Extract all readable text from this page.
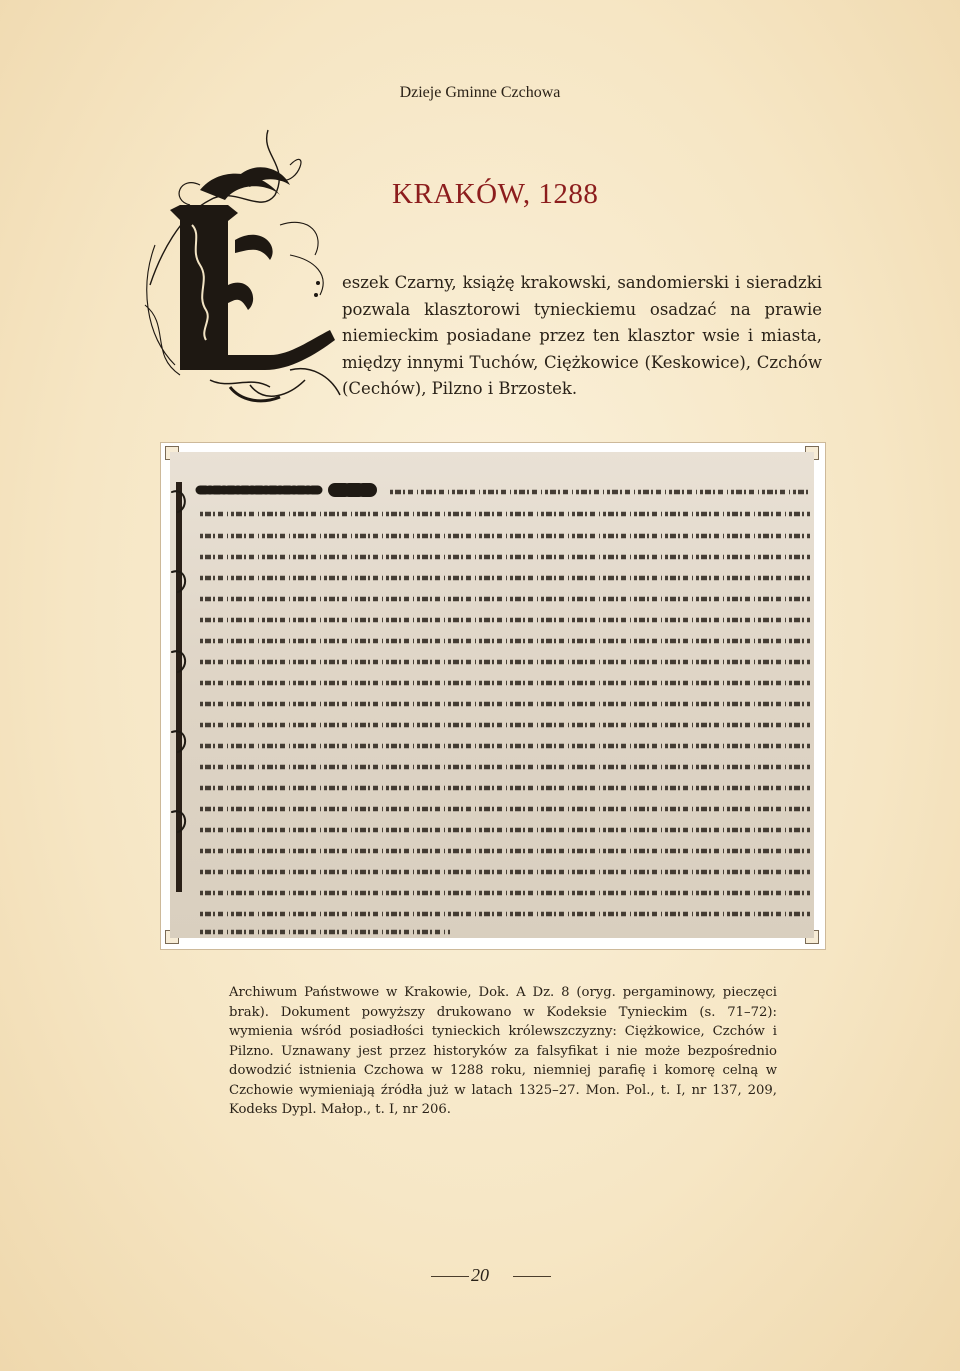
Dzieje Gminne Czchowa
KRAKÓW, 1288
eszek Czarny, książę krakowski, sandomierski i sieradzki pozwala klasztorowi tynieckiemu osadzać na prawie niemieckim posiadane przez ten klasztor wsie i miasta, między innymi Tuchów, Ciężkowice (Keskowice), Czchów (Cechów), Pilzno i Brzostek.
Archiwum Państwowe w Krakowie, Dok. A Dz. 8 (oryg. pergaminowy, pieczęci brak). Dokument powyższy drukowano w Kodeksie Tynieckim (s. 71–72): wymienia wśród posiadłości tynieckich królewszczyzny: Ciężkowice, Czchów i Pilzno. Uznawany jest przez historyków za falsyfikat i nie może bezpośrednio dowodzić istnienia Czchowa w 1288 roku, niemniej parafię i komorę celną w Czchowie wymieniają źródła już w latach 1325–27. Mon. Pol., t. I, nr 137, 209, Kodeks Dypl. Małop., t. I, nr 206.
20
